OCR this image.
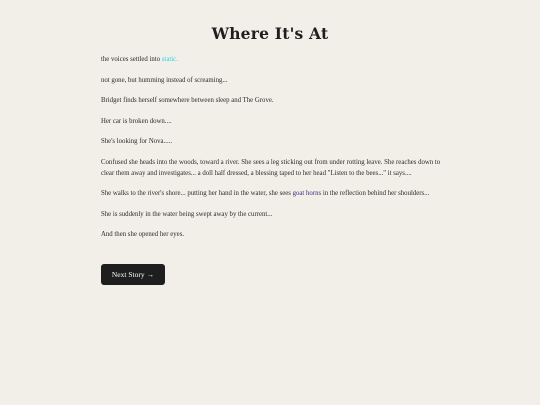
Where It's At

the voices settled into static.

not gone, but humming instead of screaming...

Bridget finds herself somewhere between sleep and The Grove.

Her car is broken down....

She's looking for Nova.....

Confused she heads into the woods, toward a river. She sees a leg sticking out from under rotting leave. She reaches down to clear them away and investigates... a doll half dressed, a blessing taped to her head "Listen to the bees..." it says....

She walks to the river's shore... putting her hand in the water, she sees goat horns in the reflection behind her shoulders...

She is suddenly in the water being swept away by the current...

And then she opened her eyes.

Next Story →
